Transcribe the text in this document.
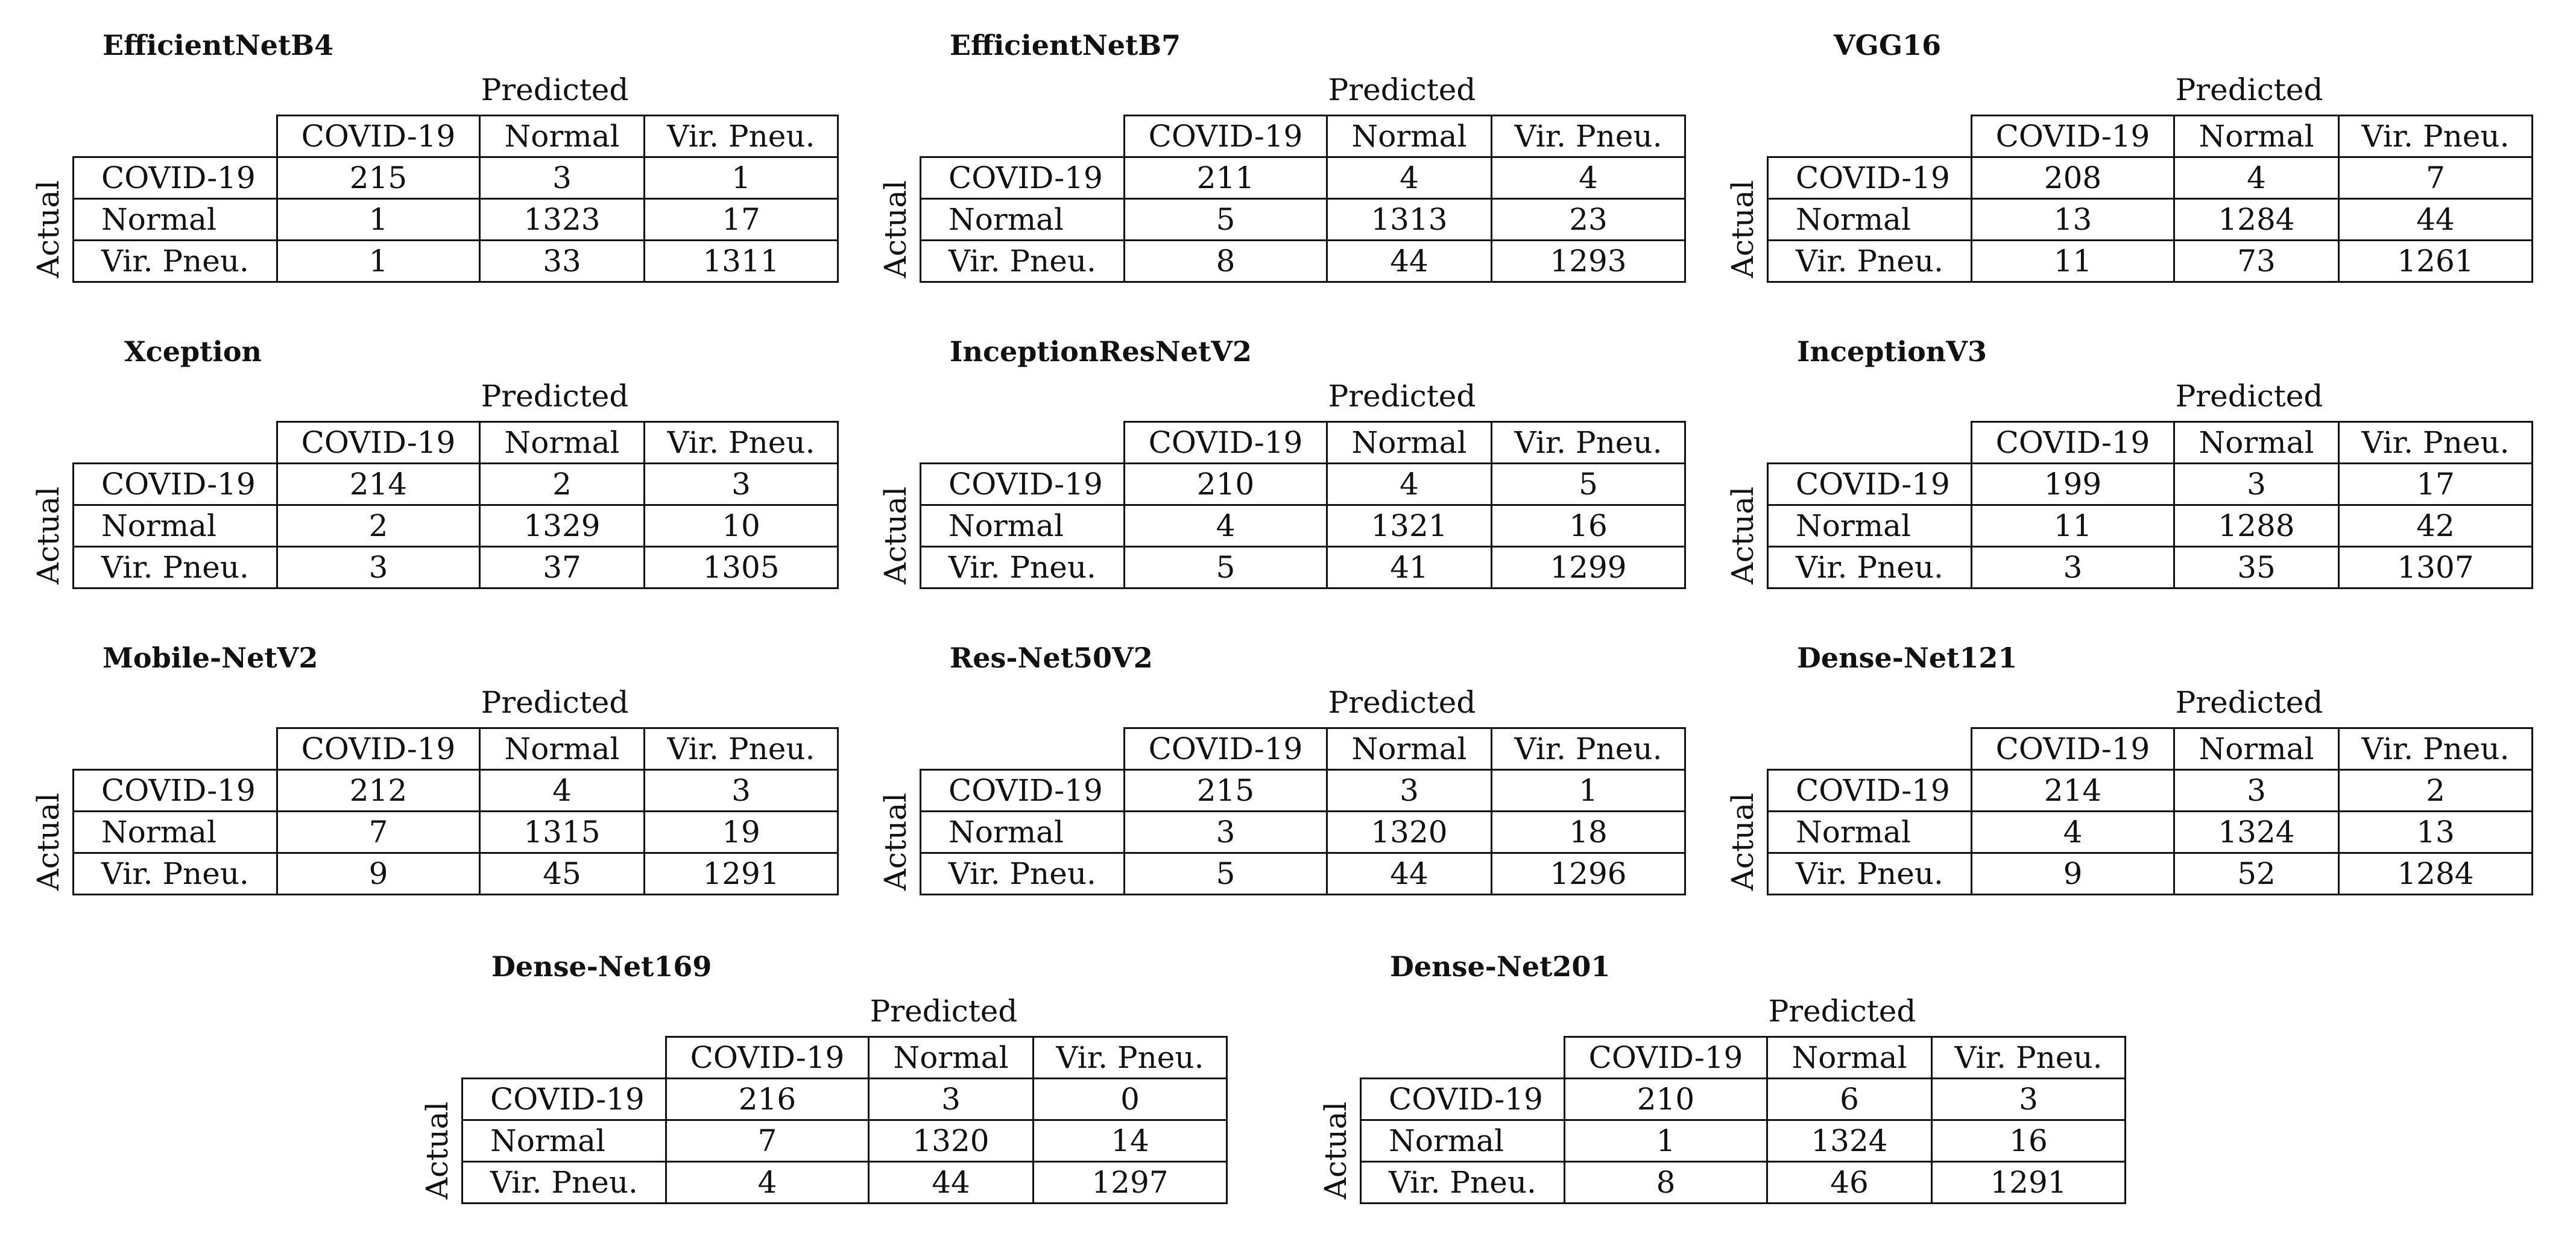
EfficientNetB4
Predicted
Actual
	COVID-19	Normal	Vir. Pneu.
COVID-19	215	3	1
Normal	1	1323	17
Vir. Pneu.	1	33	1311
EfficientNetB7
Predicted
Actual
	COVID-19	Normal	Vir. Pneu.
COVID-19	211	4	4
Normal	5	1313	23
Vir. Pneu.	8	44	1293
VGG16
Predicted
Actual
	COVID-19	Normal	Vir. Pneu.
COVID-19	208	4	7
Normal	13	1284	44
Vir. Pneu.	11	73	1261
Xception
Predicted
Actual
	COVID-19	Normal	Vir. Pneu.
COVID-19	214	2	3
Normal	2	1329	10
Vir. Pneu.	3	37	1305
InceptionResNetV2
Predicted
Actual
	COVID-19	Normal	Vir. Pneu.
COVID-19	210	4	5
Normal	4	1321	16
Vir. Pneu.	5	41	1299
InceptionV3
Predicted
Actual
	COVID-19	Normal	Vir. Pneu.
COVID-19	199	3	17
Normal	11	1288	42
Vir. Pneu.	3	35	1307
Mobile-NetV2
Predicted
Actual
	COVID-19	Normal	Vir. Pneu.
COVID-19	212	4	3
Normal	7	1315	19
Vir. Pneu.	9	45	1291
Res-Net50V2
Predicted
Actual
	COVID-19	Normal	Vir. Pneu.
COVID-19	215	3	1
Normal	3	1320	18
Vir. Pneu.	5	44	1296
Dense-Net121
Predicted
Actual
	COVID-19	Normal	Vir. Pneu.
COVID-19	214	3	2
Normal	4	1324	13
Vir. Pneu.	9	52	1284
Dense-Net169
Predicted
Actual
	COVID-19	Normal	Vir. Pneu.
COVID-19	216	3	0
Normal	7	1320	14
Vir. Pneu.	4	44	1297
Dense-Net201
Predicted
Actual
	COVID-19	Normal	Vir. Pneu.
COVID-19	210	6	3
Normal	1	1324	16
Vir. Pneu.	8	46	1291
